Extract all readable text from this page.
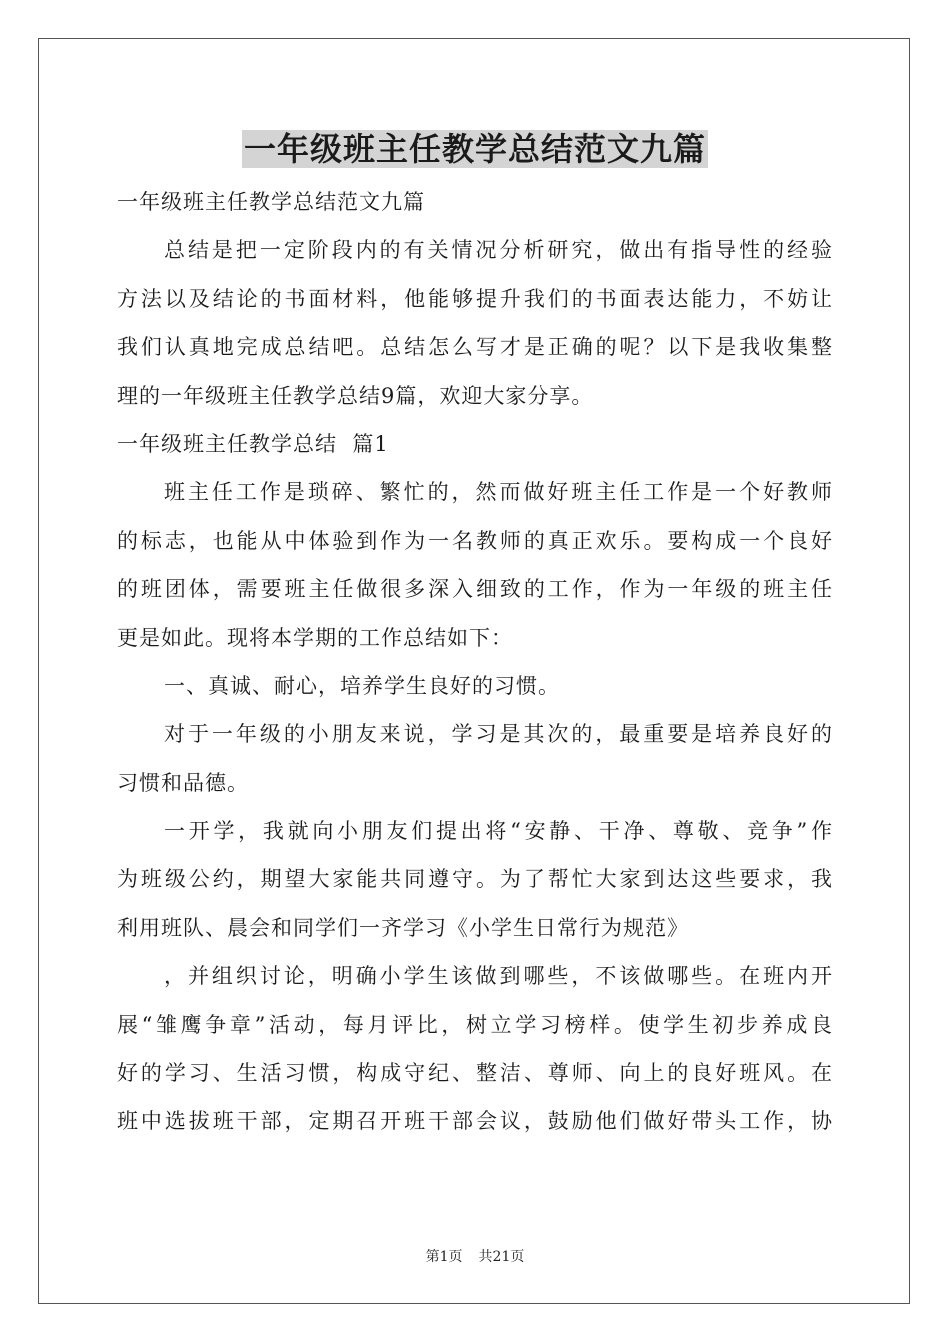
一年级班主任教学总结范文九篇
一年级班主任教学总结范文九篇
总结是把一定阶段内的有关情况分析研究，做出有指导性的经验
方法以及结论的书面材料，他能够提升我们的书面表达能力，不妨让
我们认真地完成总结吧。总结怎么写才是正确的呢？以下是我收集整
理的一年级班主任教学总结9篇，欢迎大家分享。
一年级班主任教学总结  篇1
班主任工作是琐碎、繁忙的，然而做好班主任工作是一个好教师
的标志，也能从中体验到作为一名教师的真正欢乐。要构成一个良好
的班团体，需要班主任做很多深入细致的工作，作为一年级的班主任
更是如此。现将本学期的工作总结如下：
一、真诚、耐心，培养学生良好的习惯。
对于一年级的小朋友来说，学习是其次的，最重要是培养良好的
习惯和品德。
一开学，我就向小朋友们提出将“安静、干净、尊敬、竞争”作
为班级公约，期望大家能共同遵守。为了帮忙大家到达这些要求，我
利用班队、晨会和同学们一齐学习《小学生日常行为规范》
，并组织讨论，明确小学生该做到哪些，不该做哪些。在班内开
展“雏鹰争章”活动，每月评比，树立学习榜样。使学生初步养成良
好的学习、生活习惯，构成守纪、整洁、尊师、向上的良好班风。在
班中选拔班干部，定期召开班干部会议，鼓励他们做好带头工作，协
第1页 共21页
